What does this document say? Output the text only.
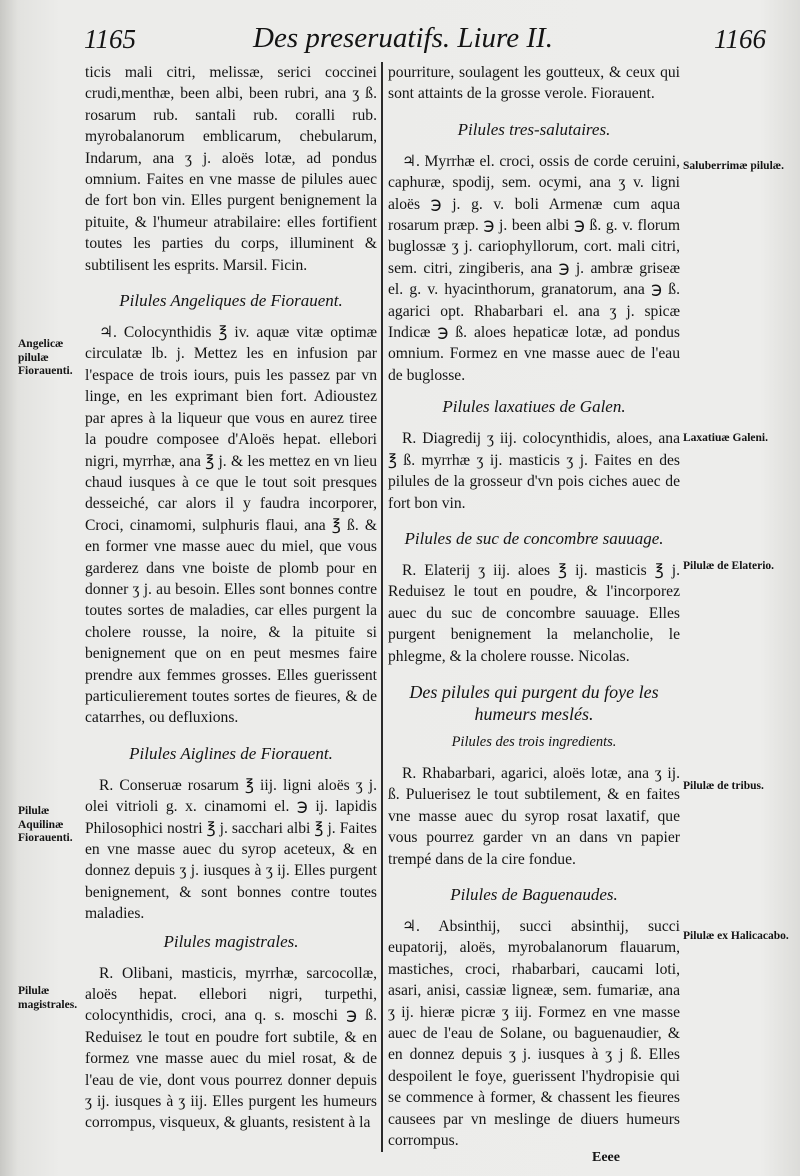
1165	Des preseruatifs. Liure II.	1166

ticis mali citri, melissæ, serici coccinei crudi,menthæ, been albi, been rubri, ana ʒ ß. rosarum rub. santali rub. coralli rub. myrobalanorum emblicarum, chebularum, Indarum, ana ʒ j. aloës lotæ, ad pondus omnium. Faites en vne masse de pilules auec de fort bon vin. Elles purgent benignement la pituite, & l'humeur atrabilaire: elles fortifient toutes les parties du corps, illuminent & subtilisent les esprits. Marsil. Ficin.

Pilules Angeliques de Fiorauent.

♃. Colocynthidis ℥ iv. aquæ vitæ optimæ circulatæ lb. j. Mettez les en infusion par l'espace de trois iours, puis les passez par vn linge, en les exprimant bien fort. Adioustez par apres à la liqueur que vous en aurez tiree la poudre composee d'Aloës hepat. ellebori nigri, myrrhæ, ana ℥ j. & les mettez en vn lieu chaud iusques à ce que le tout soit presques desseiché, car alors il y faudra incorporer, Croci, cinamomi, sulphuris flaui, ana ℥ ß. & en former vne masse auec du miel, que vous garderez dans vne boiste de plomb pour en donner ʒ j. au besoin. Elles sont bonnes contre toutes sortes de maladies, car elles purgent la cholere rousse, la noire, & la pituite si benignement que on en peut mesmes faire prendre aux femmes grosses. Elles guerissent particulierement toutes sortes de fieures, & de catarrhes, ou defluxions.

Pilules Aiglines de Fiorauent.

R. Conseruæ rosarum ℥ iij. ligni aloës ʒ j. olei vitrioli g. x. cinamomi el. ℈ ij. lapidis Philosophici nostri ℥ j. sacchari albi ℥ j. Faites en vne masse auec du syrop aceteux, & en donnez depuis ʒ j. iusques à ʒ ij. Elles purgent benignement, & sont bonnes contre toutes maladies.

Pilules magistrales.

R. Olibani, masticis, myrrhæ, sarcocollæ, aloës hepat. ellebori nigri, turpethi, colocynthidis, croci, ana q. s. moschi ℈ ß. Reduisez le tout en poudre fort subtile, & en formez vne masse auec du miel rosat, & de l'eau de vie, dont vous pourrez donner depuis ʒ ij. iusques à ʒ iij. Elles purgent les humeurs corrompus, visqueux, & gluants, resistent à la

pourriture, soulagent les goutteux, & ceux qui sont attaints de la grosse verole. Fiorauent.

Pilules tres-salutaires.

♃. Myrrhæ el. croci, ossis de corde ceruini, caphuræ, spodij, sem. ocymi, ana ʒ v. ligni aloës ℈ j. g. v. boli Armenæ cum aqua rosarum præp. ℈ j. been albi ℈ ß. g. v. florum buglossæ ʒ j. cariophyllorum, cort. mali citri, sem. citri, zingiberis, ana ℈ j. ambræ griseæ el. g. v. hyacinthorum, granatorum, ana ℈ ß. agarici opt. Rhabarbari el. ana ʒ j. spicæ Indicæ ℈ ß. aloes hepaticæ lotæ, ad pondus omnium. Formez en vne masse auec de l'eau de buglosse.

Pilules laxatiues de Galen.

R. Diagredij ʒ iij. colocynthidis, aloes, ana ℥ ß. myrrhæ ʒ ij. masticis ʒ j. Faites en des pilules de la grosseur d'vn pois ciches auec de fort bon vin.

Pilules de suc de concombre sauuage.

R. Elaterij ʒ iij. aloes ℥ ij. masticis ℥ j. Reduisez le tout en poudre, & l'incorporez auec du suc de concombre sauuage. Elles purgent benignement la melancholie, le phlegme, & la cholere rousse. Nicolas.

Des pilules qui purgent du foye les humeurs meslés.
Pilules des trois ingredients.

R. Rhabarbari, agarici, aloës lotæ, ana ʒ ij. ß. Puluerisez le tout subtilement, & en faites vne masse auec du syrop rosat laxatif, que vous pourrez garder vn an dans vn papier trempé dans de la cire fondue.

Pilules de Baguenaudes.

♃. Absinthij, succi absinthij, succi eupatorij, aloës, myrobalanorum flauarum, mastiches, croci, rhabarbari, caucami loti, asari, anisi, cassiæ ligneæ, sem. fumariæ, ana ʒ ij. hieræ picræ ʒ iij. Formez en vne masse auec de l'eau de Solane, ou baguenaudier, & en donnez depuis ʒ j. iusques à ʒ j ß. Elles despoilent le foye, guerissent l'hydropisie qui se commence à former, & chassent les fieures causees par vn meslinge de diuers humeurs corrompus.

Angelicæ pilulæ Fiorauenti.
Pilulæ Aquilinæ Fiorauenti.
Pilulæ magistrales.
Saluberrimæ pilulæ.
Laxatiuæ Galeni.
Pilulæ de Elaterio.
Pilulæ de tribus.
Pilulæ ex Halicacabo.
Eeee
